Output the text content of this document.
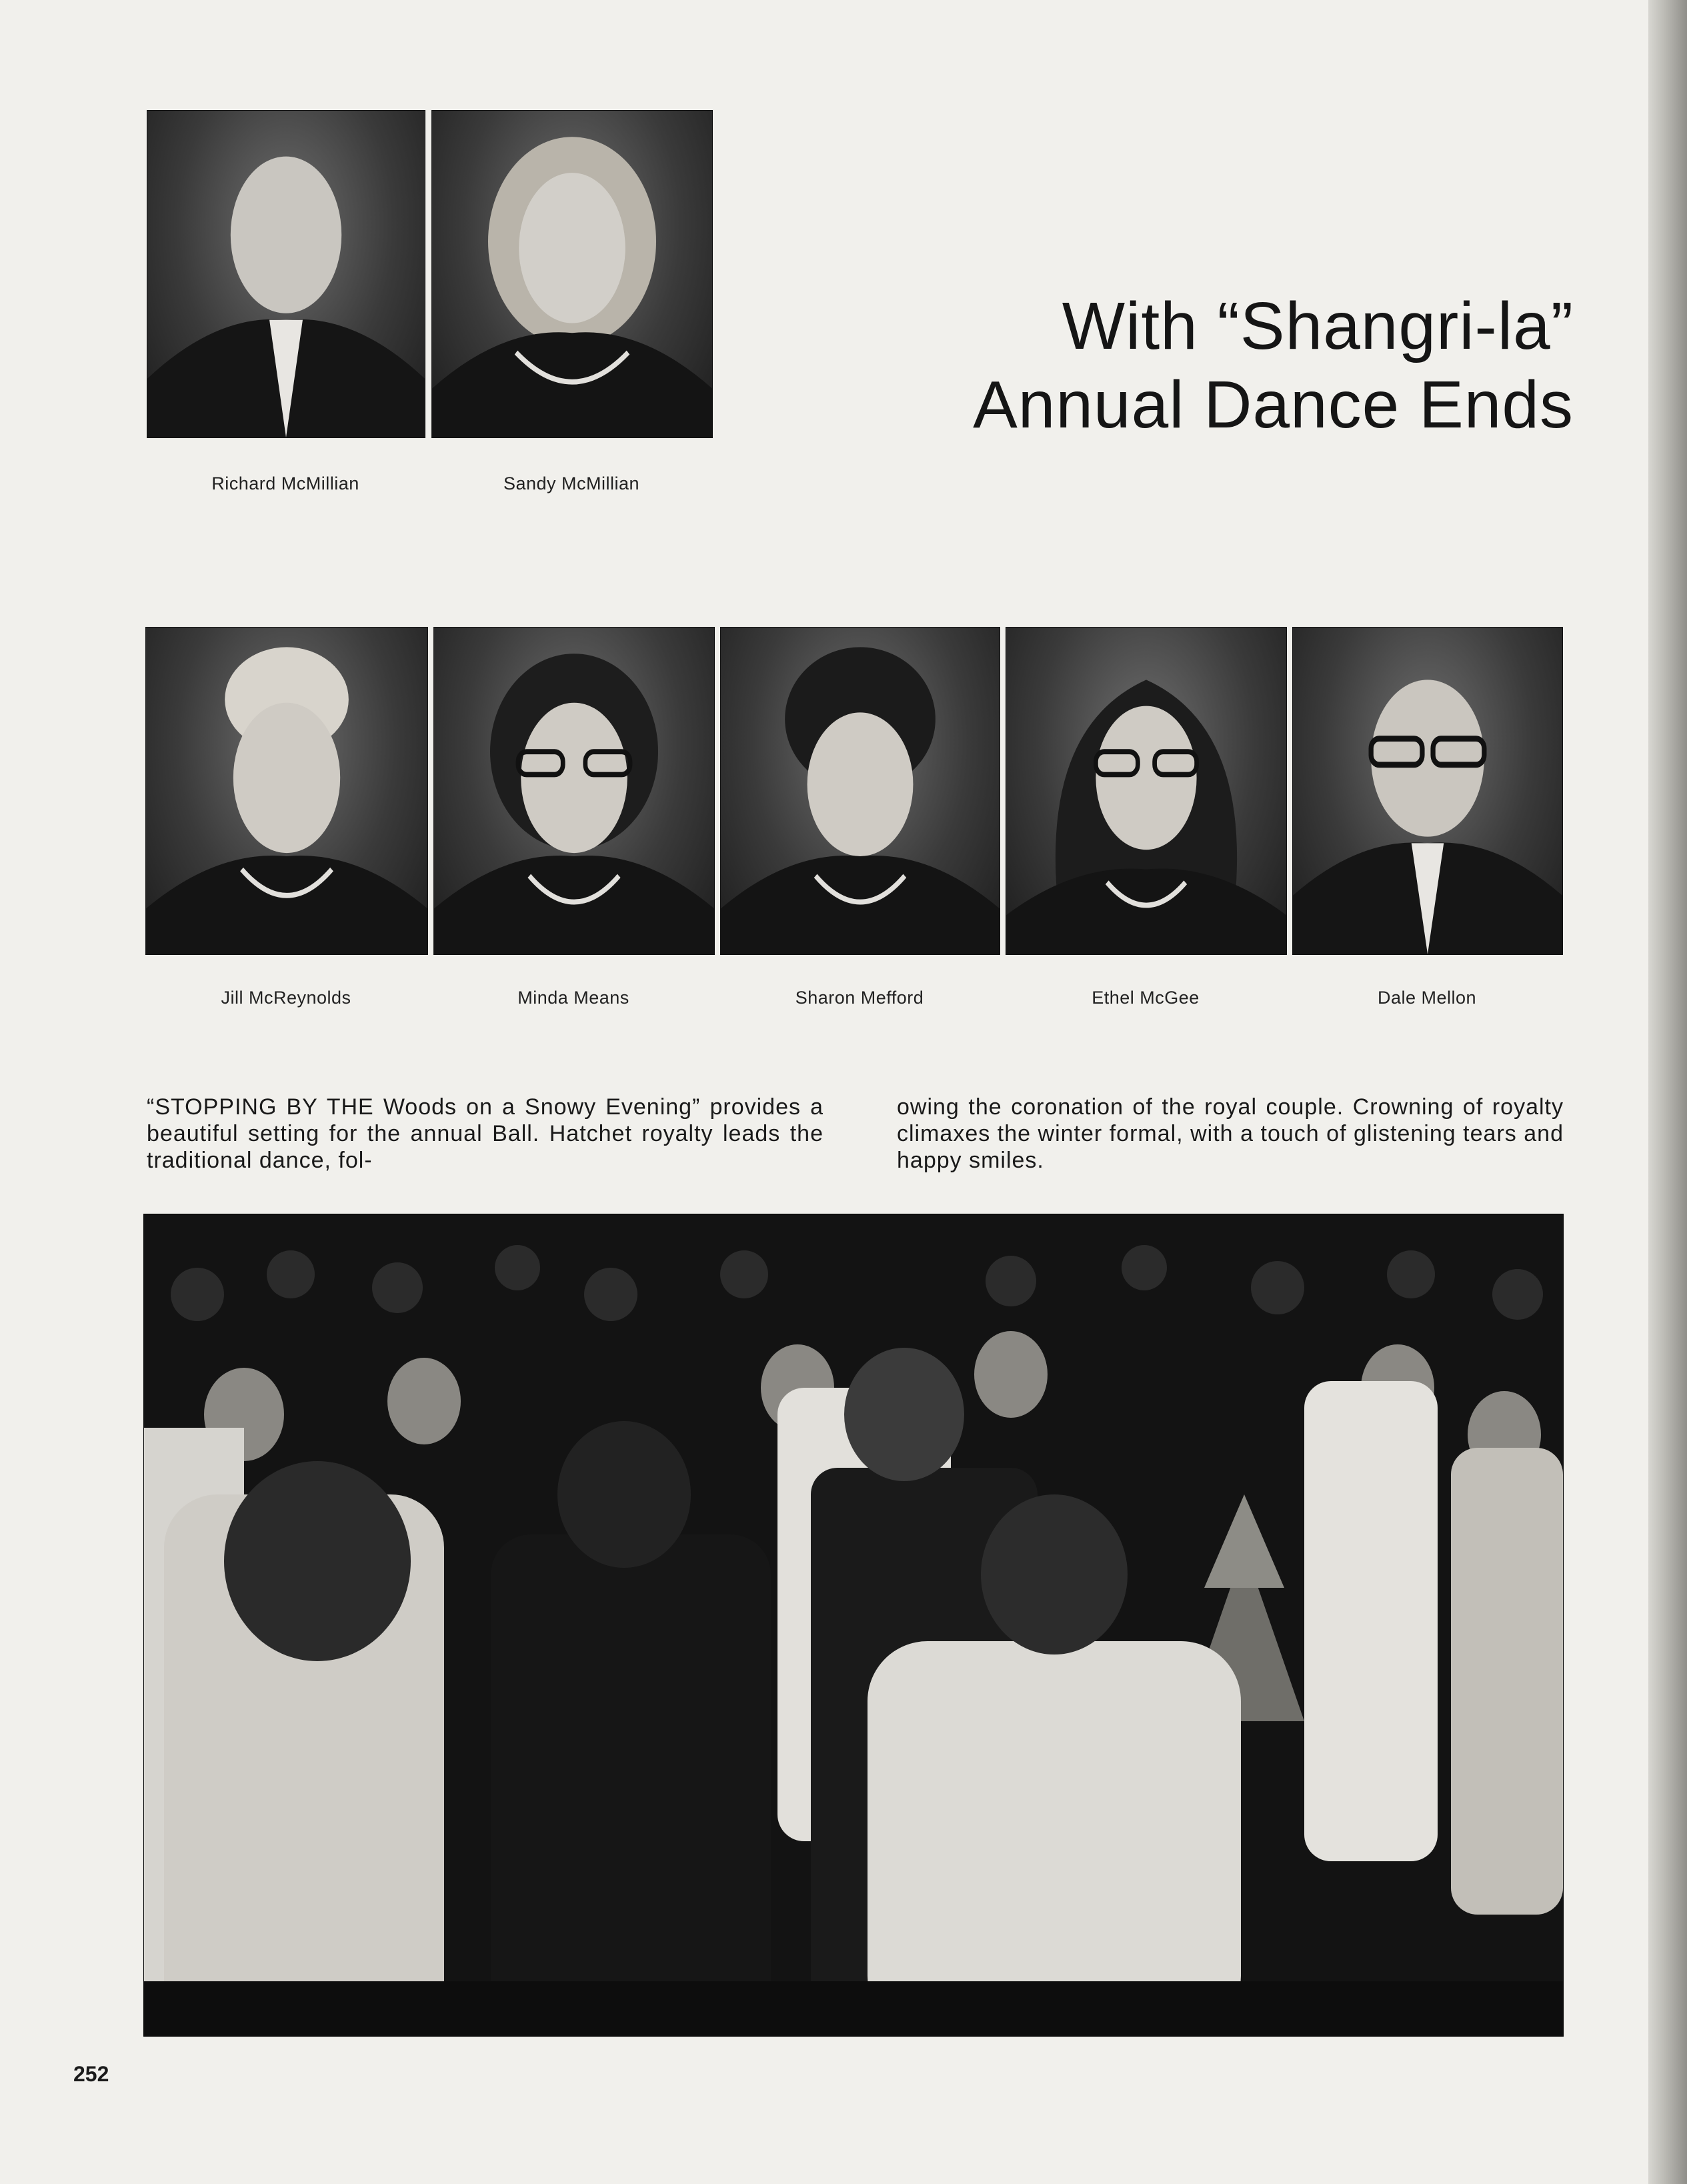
Richard McMillian	Sandy McMillian
With “Shangri-la”
Annual Dance Ends
Jill McReynolds	Minda Means	Sharon Mefford	Ethel McGee	Dale Mellon
“STOPPING BY THE Woods on a Snowy Evening” provides a beautiful setting for the annual Ball. Hatchet royalty leads the traditional dance, fol-
owing the coronation of the royal couple. Crowning of royalty climaxes the winter formal, with a touch of glistening tears and happy smiles.
252
